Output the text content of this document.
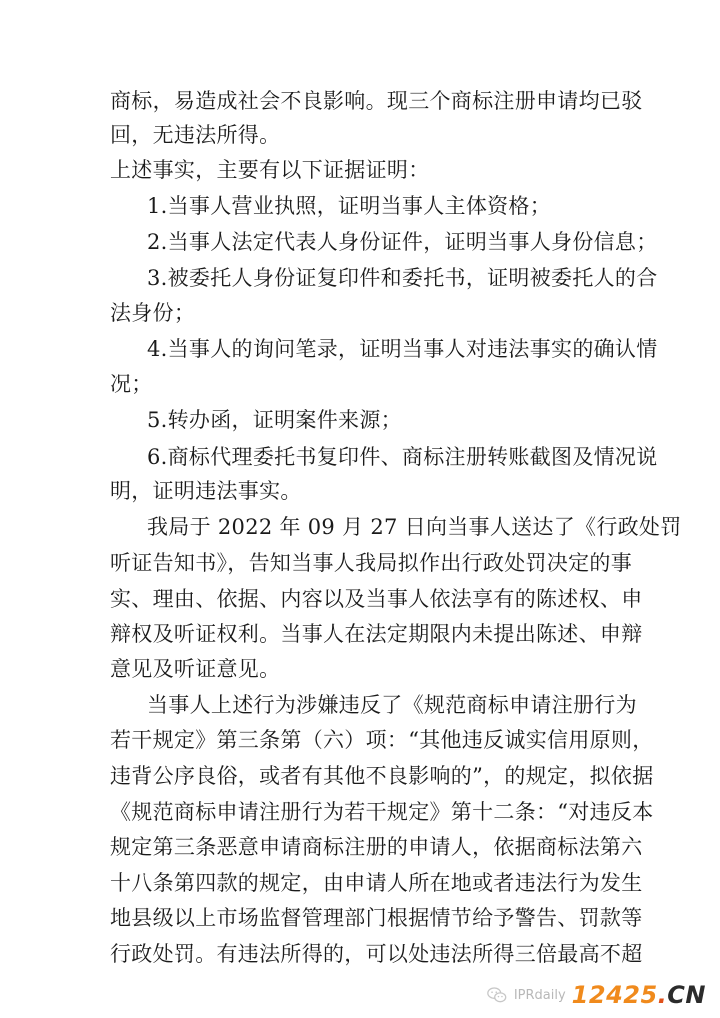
商标，易造成社会不良影响。现三个商标注册申请均已驳
回，无违法所得。
上述事实，主要有以下证据证明：
1.当事人营业执照，证明当事人主体资格；
2.当事人法定代表人身份证件，证明当事人身份信息；
3.被委托人身份证复印件和委托书，证明被委托人的合
法身份；
4.当事人的询问笔录，证明当事人对违法事实的确认情
况；
5.转办函，证明案件来源；
6.商标代理委托书复印件、商标注册转账截图及情况说
明，证明违法事实。
我局于 2022 年 09 月 27 日向当事人送达了《行政处罚
听证告知书》，告知当事人我局拟作出行政处罚决定的事
实、理由、依据、内容以及当事人依法享有的陈述权、申
辩权及听证权利。当事人在法定期限内未提出陈述、申辩
意见及听证意见。
当事人上述行为涉嫌违反了《规范商标申请注册行为
若干规定》第三条第（六）项：“其他违反诚实信用原则，
违背公序良俗，或者有其他不良影响的”，的规定，拟依据
《规范商标申请注册行为若干规定》第十二条：“对违反本
规定第三条恶意申请商标注册的申请人，依据商标法第六
十八条第四款的规定，由申请人所在地或者违法行为发生
地县级以上市场监督管理部门根据情节给予警告、罚款等
行政处罚。有违法所得的，可以处违法所得三倍最高不超
IPRdaily 12425.CN
